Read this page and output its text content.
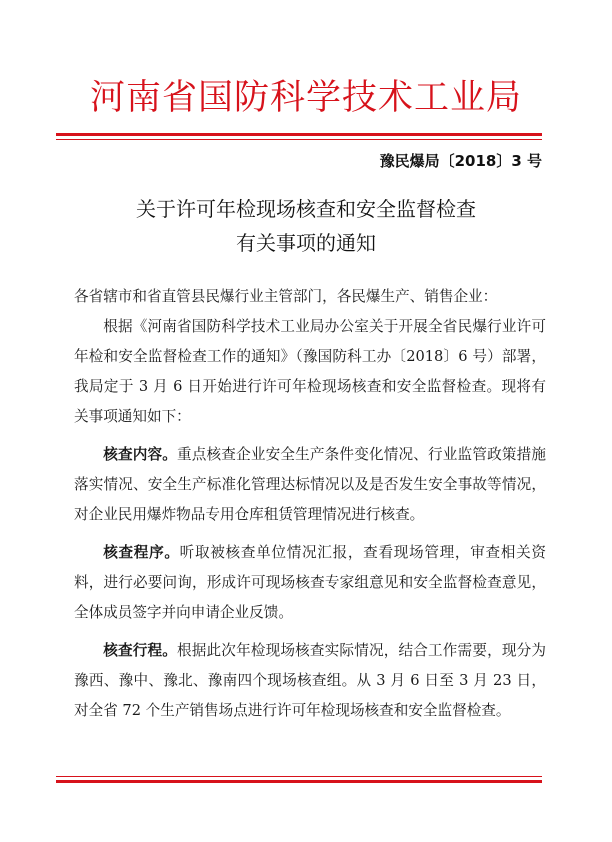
河南省国防科学技术工业局
豫民爆局〔2018〕3 号
关于许可年检现场核查和安全监督检查
有关事项的通知

各省辖市和省直管县民爆行业主管部门，各民爆生产、销售企业：

根据《河南省国防科学技术工业局办公室关于开展全省民爆行业许可年检和安全监督检查工作的通知》（豫国防科工办〔2018〕6 号）部署，我局定于 3 月 6 日开始进行许可年检现场核查和安全监督检查。现将有关事项通知如下：

核查内容。重点核查企业安全生产条件变化情况、行业监管政策措施落实情况、安全生产标准化管理达标情况以及是否发生安全事故等情况，对企业民用爆炸物品专用仓库租赁管理情况进行核查。

核查程序。听取被核查单位情况汇报，查看现场管理，审查相关资料，进行必要问询，形成许可现场核查专家组意见和安全监督检查意见，全体成员签字并向申请企业反馈。

核查行程。根据此次年检现场核查实际情况，结合工作需要，现分为豫西、豫中、豫北、豫南四个现场核查组。从 3 月 6 日至 3 月 23 日，对全省 72 个生产销售场点进行许可年检现场核查和安全监督检查。
